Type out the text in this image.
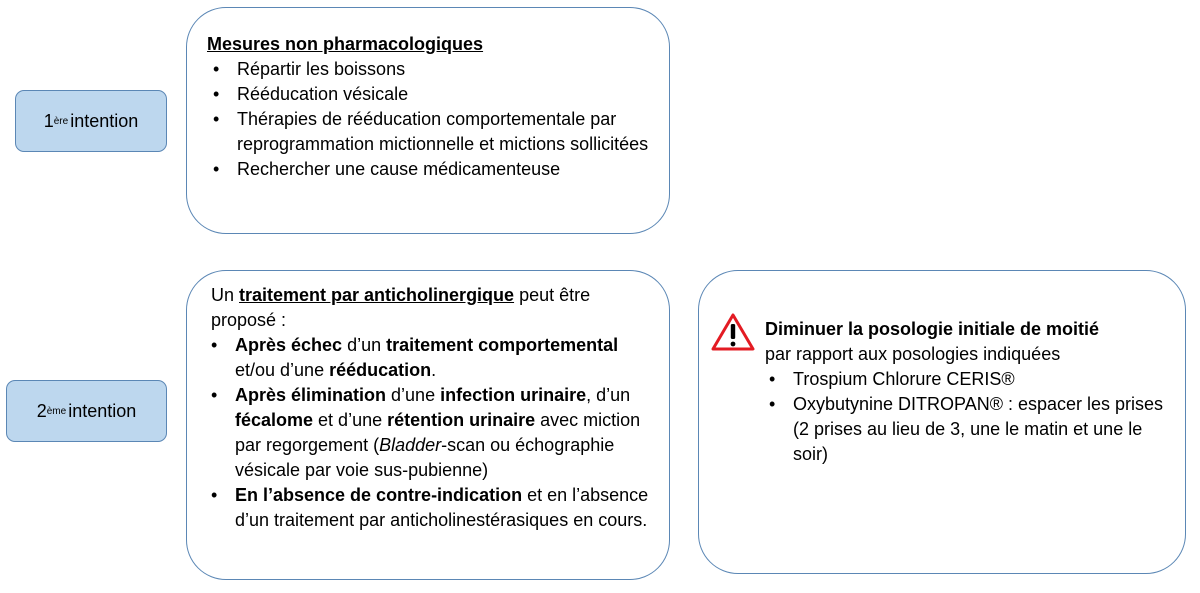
1 ère intention
2 ème intention
Mesures non pharmacologiques
• Répartir les boissons
• Rééducation vésicale
• Thérapies de rééducation comportementale par reprogrammation mictionnelle et mictions sollicitées
• Rechercher une cause médicamenteuse
Un traitement par anticholinergique peut être proposé :
• Après échec d’un traitement comportemental et/ou d’une rééducation.
• Après élimination d’une infection urinaire, d’un fécalome et d’une rétention urinaire avec miction par regorgement (Bladder-scan ou échographie vésicale par voie sus-pubienne)
• En l’absence de contre-indication et en l’absence d’un traitement par anticholinestérasiques en cours.
Diminuer la posologie initiale de moitié
par rapport aux posologies indiquées
• Trospium Chlorure CERIS®
• Oxybutynine DITROPAN® : espacer les prises (2 prises au lieu de 3, une le matin et une le soir)
